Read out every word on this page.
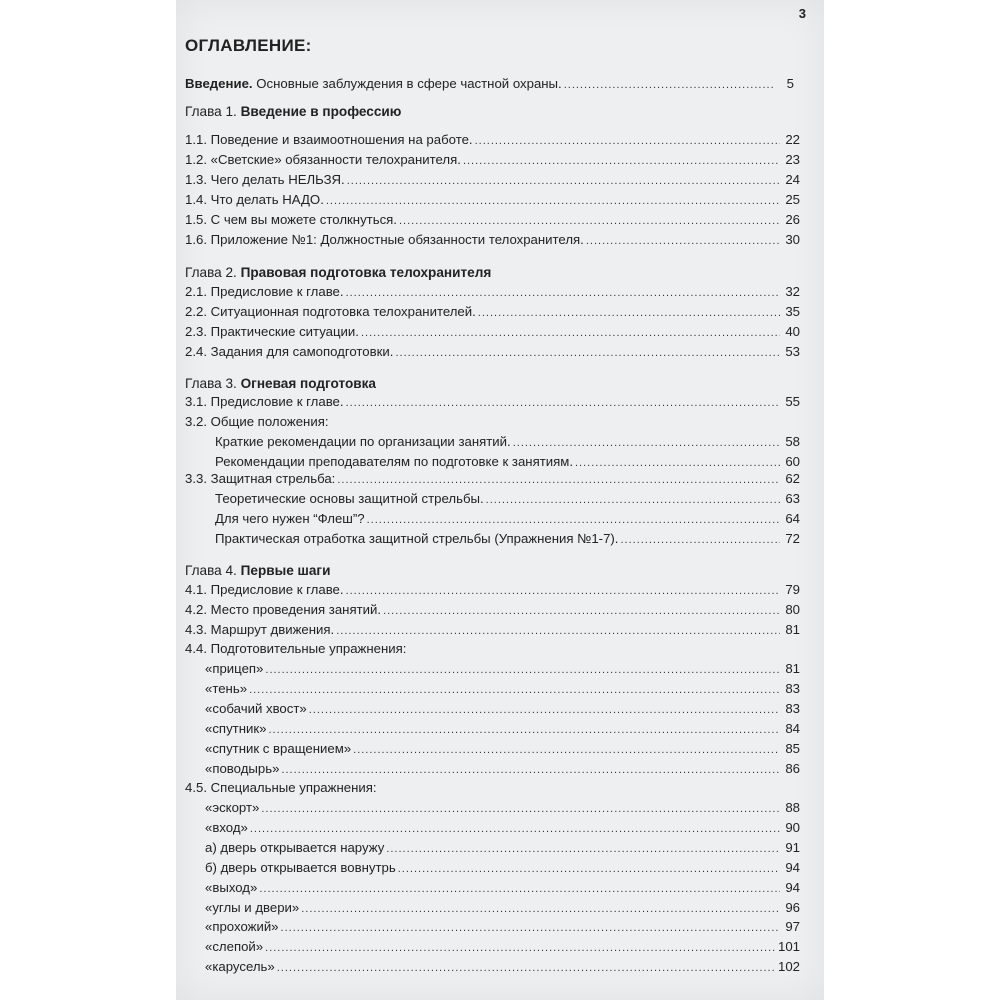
3
ОГЛАВЛЕНИЕ:
Введение. Основные заблуждения в сфере частной охраны. .....	5
Глава 1. Введение в профессию
1.1. Поведение и взаимоотношения на работе. .....	22
1.2. «Светские» обязанности телохранителя. .....	23
1.3. Чего делать НЕЛЬЗЯ. .....	24
1.4. Что делать НАДО. .....	25
1.5. С чем вы можете столкнуться. .....	26
1.6. Приложение №1: Должностные обязанности телохранителя. .....	30
Глава 2. Правовая подготовка телохранителя
2.1. Предисловие к главе. .....	32
2.2. Ситуационная подготовка телохранителей. .....	35
2.3. Практические ситуации. .....	40
2.4. Задания для самоподготовки. .....	53
Глава 3. Огневая подготовка
3.1. Предисловие к главе. .....	55
3.2. Общие положения:
Краткие рекомендации по организации занятий. .....	58
Рекомендации преподавателям по подготовке к занятиям. .....	60
3.3. Защитная стрельба: .....	62
Теоретические основы защитной стрельбы. .....	63
Для чего нужен “Флеш”? .....	64
Практическая отработка защитной стрельбы (Упражнения №1-7). .....	72
Глава 4. Первые шаги
4.1. Предисловие к главе. .....	79
4.2. Место проведения занятий. .....	80
4.3. Маршрут движения. .....	81
4.4. Подготовительные упражнения:
«прицеп» .....	81
«тень» .....	83
«собачий хвост» .....	83
«спутник» .....	84
«спутник с вращением» .....	85
«поводырь» .....	86
4.5. Специальные упражнения:
«эскорт» .....	88
«вход» .....	90
а) дверь открывается наружу .....	91
б) дверь открывается вовнутрь .....	94
«выход» .....	94
«углы и двери» .....	96
«прохожий» .....	97
«слепой» .....	101
«карусель» .....	102
